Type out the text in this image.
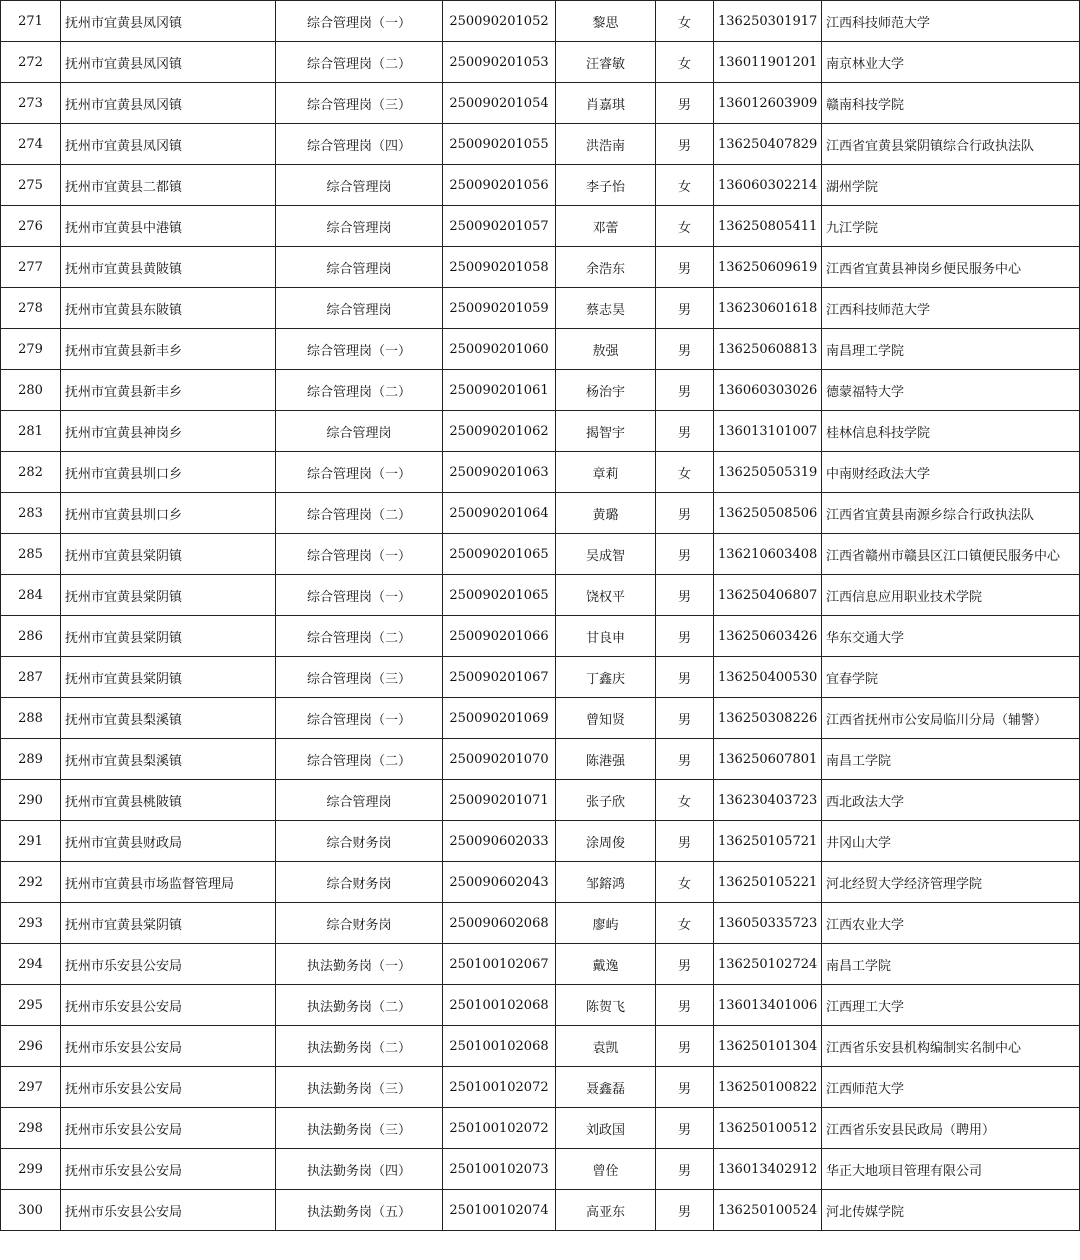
271	抚州市宜黄县凤冈镇	综合管理岗（一）	250090201052	黎思	女	136250301917	江西科技师范大学
272	抚州市宜黄县凤冈镇	综合管理岗（二）	250090201053	汪睿敏	女	136011901201	南京林业大学
273	抚州市宜黄县凤冈镇	综合管理岗（三）	250090201054	肖嘉琪	男	136012603909	赣南科技学院
274	抚州市宜黄县凤冈镇	综合管理岗（四）	250090201055	洪浩南	男	136250407829	江西省宜黄县棠阴镇综合行政执法队
275	抚州市宜黄县二都镇	综合管理岗	250090201056	李子怡	女	136060302214	湖州学院
276	抚州市宜黄县中港镇	综合管理岗	250090201057	邓蕾	女	136250805411	九江学院
277	抚州市宜黄县黄陂镇	综合管理岗	250090201058	余浩东	男	136250609619	江西省宜黄县神岗乡便民服务中心
278	抚州市宜黄县东陂镇	综合管理岗	250090201059	蔡志昊	男	136230601618	江西科技师范大学
279	抚州市宜黄县新丰乡	综合管理岗（一）	250090201060	敖强	男	136250608813	南昌理工学院
280	抚州市宜黄县新丰乡	综合管理岗（二）	250090201061	杨治宇	男	136060303026	德蒙福特大学
281	抚州市宜黄县神岗乡	综合管理岗	250090201062	揭智宇	男	136013101007	桂林信息科技学院
282	抚州市宜黄县圳口乡	综合管理岗（一）	250090201063	章莉	女	136250505319	中南财经政法大学
283	抚州市宜黄县圳口乡	综合管理岗（二）	250090201064	黄璐	男	136250508506	江西省宜黄县南源乡综合行政执法队
285	抚州市宜黄县棠阴镇	综合管理岗（一）	250090201065	吴成智	男	136210603408	江西省赣州市赣县区江口镇便民服务中心
284	抚州市宜黄县棠阴镇	综合管理岗（一）	250090201065	饶权平	男	136250406807	江西信息应用职业技术学院
286	抚州市宜黄县棠阴镇	综合管理岗（二）	250090201066	甘良申	男	136250603426	华东交通大学
287	抚州市宜黄县棠阴镇	综合管理岗（三）	250090201067	丁鑫庆	男	136250400530	宜春学院
288	抚州市宜黄县梨溪镇	综合管理岗（一）	250090201069	曾知贤	男	136250308226	江西省抚州市公安局临川分局（辅警）
289	抚州市宜黄县梨溪镇	综合管理岗（二）	250090201070	陈港强	男	136250607801	南昌工学院
290	抚州市宜黄县桃陂镇	综合管理岗	250090201071	张子欣	女	136230403723	西北政法大学
291	抚州市宜黄县财政局	综合财务岗	250090602033	涂周俊	男	136250105721	井冈山大学
292	抚州市宜黄县市场监督管理局	综合财务岗	250090602043	邹鎔鸿	女	136250105221	河北经贸大学经济管理学院
293	抚州市宜黄县棠阴镇	综合财务岗	250090602068	廖屿	女	136050335723	江西农业大学
294	抚州市乐安县公安局	执法勤务岗（一）	250100102067	戴逸	男	136250102724	南昌工学院
295	抚州市乐安县公安局	执法勤务岗（二）	250100102068	陈贺飞	男	136013401006	江西理工大学
296	抚州市乐安县公安局	执法勤务岗（二）	250100102068	袁凯	男	136250101304	江西省乐安县机构编制实名制中心
297	抚州市乐安县公安局	执法勤务岗（三）	250100102072	聂鑫磊	男	136250100822	江西师范大学
298	抚州市乐安县公安局	执法勤务岗（三）	250100102072	刘政国	男	136250100512	江西省乐安县民政局（聘用）
299	抚州市乐安县公安局	执法勤务岗（四）	250100102073	曾佺	男	136013402912	华正大地项目管理有限公司
300	抚州市乐安县公安局	执法勤务岗（五）	250100102074	高亚东	男	136250100524	河北传媒学院
